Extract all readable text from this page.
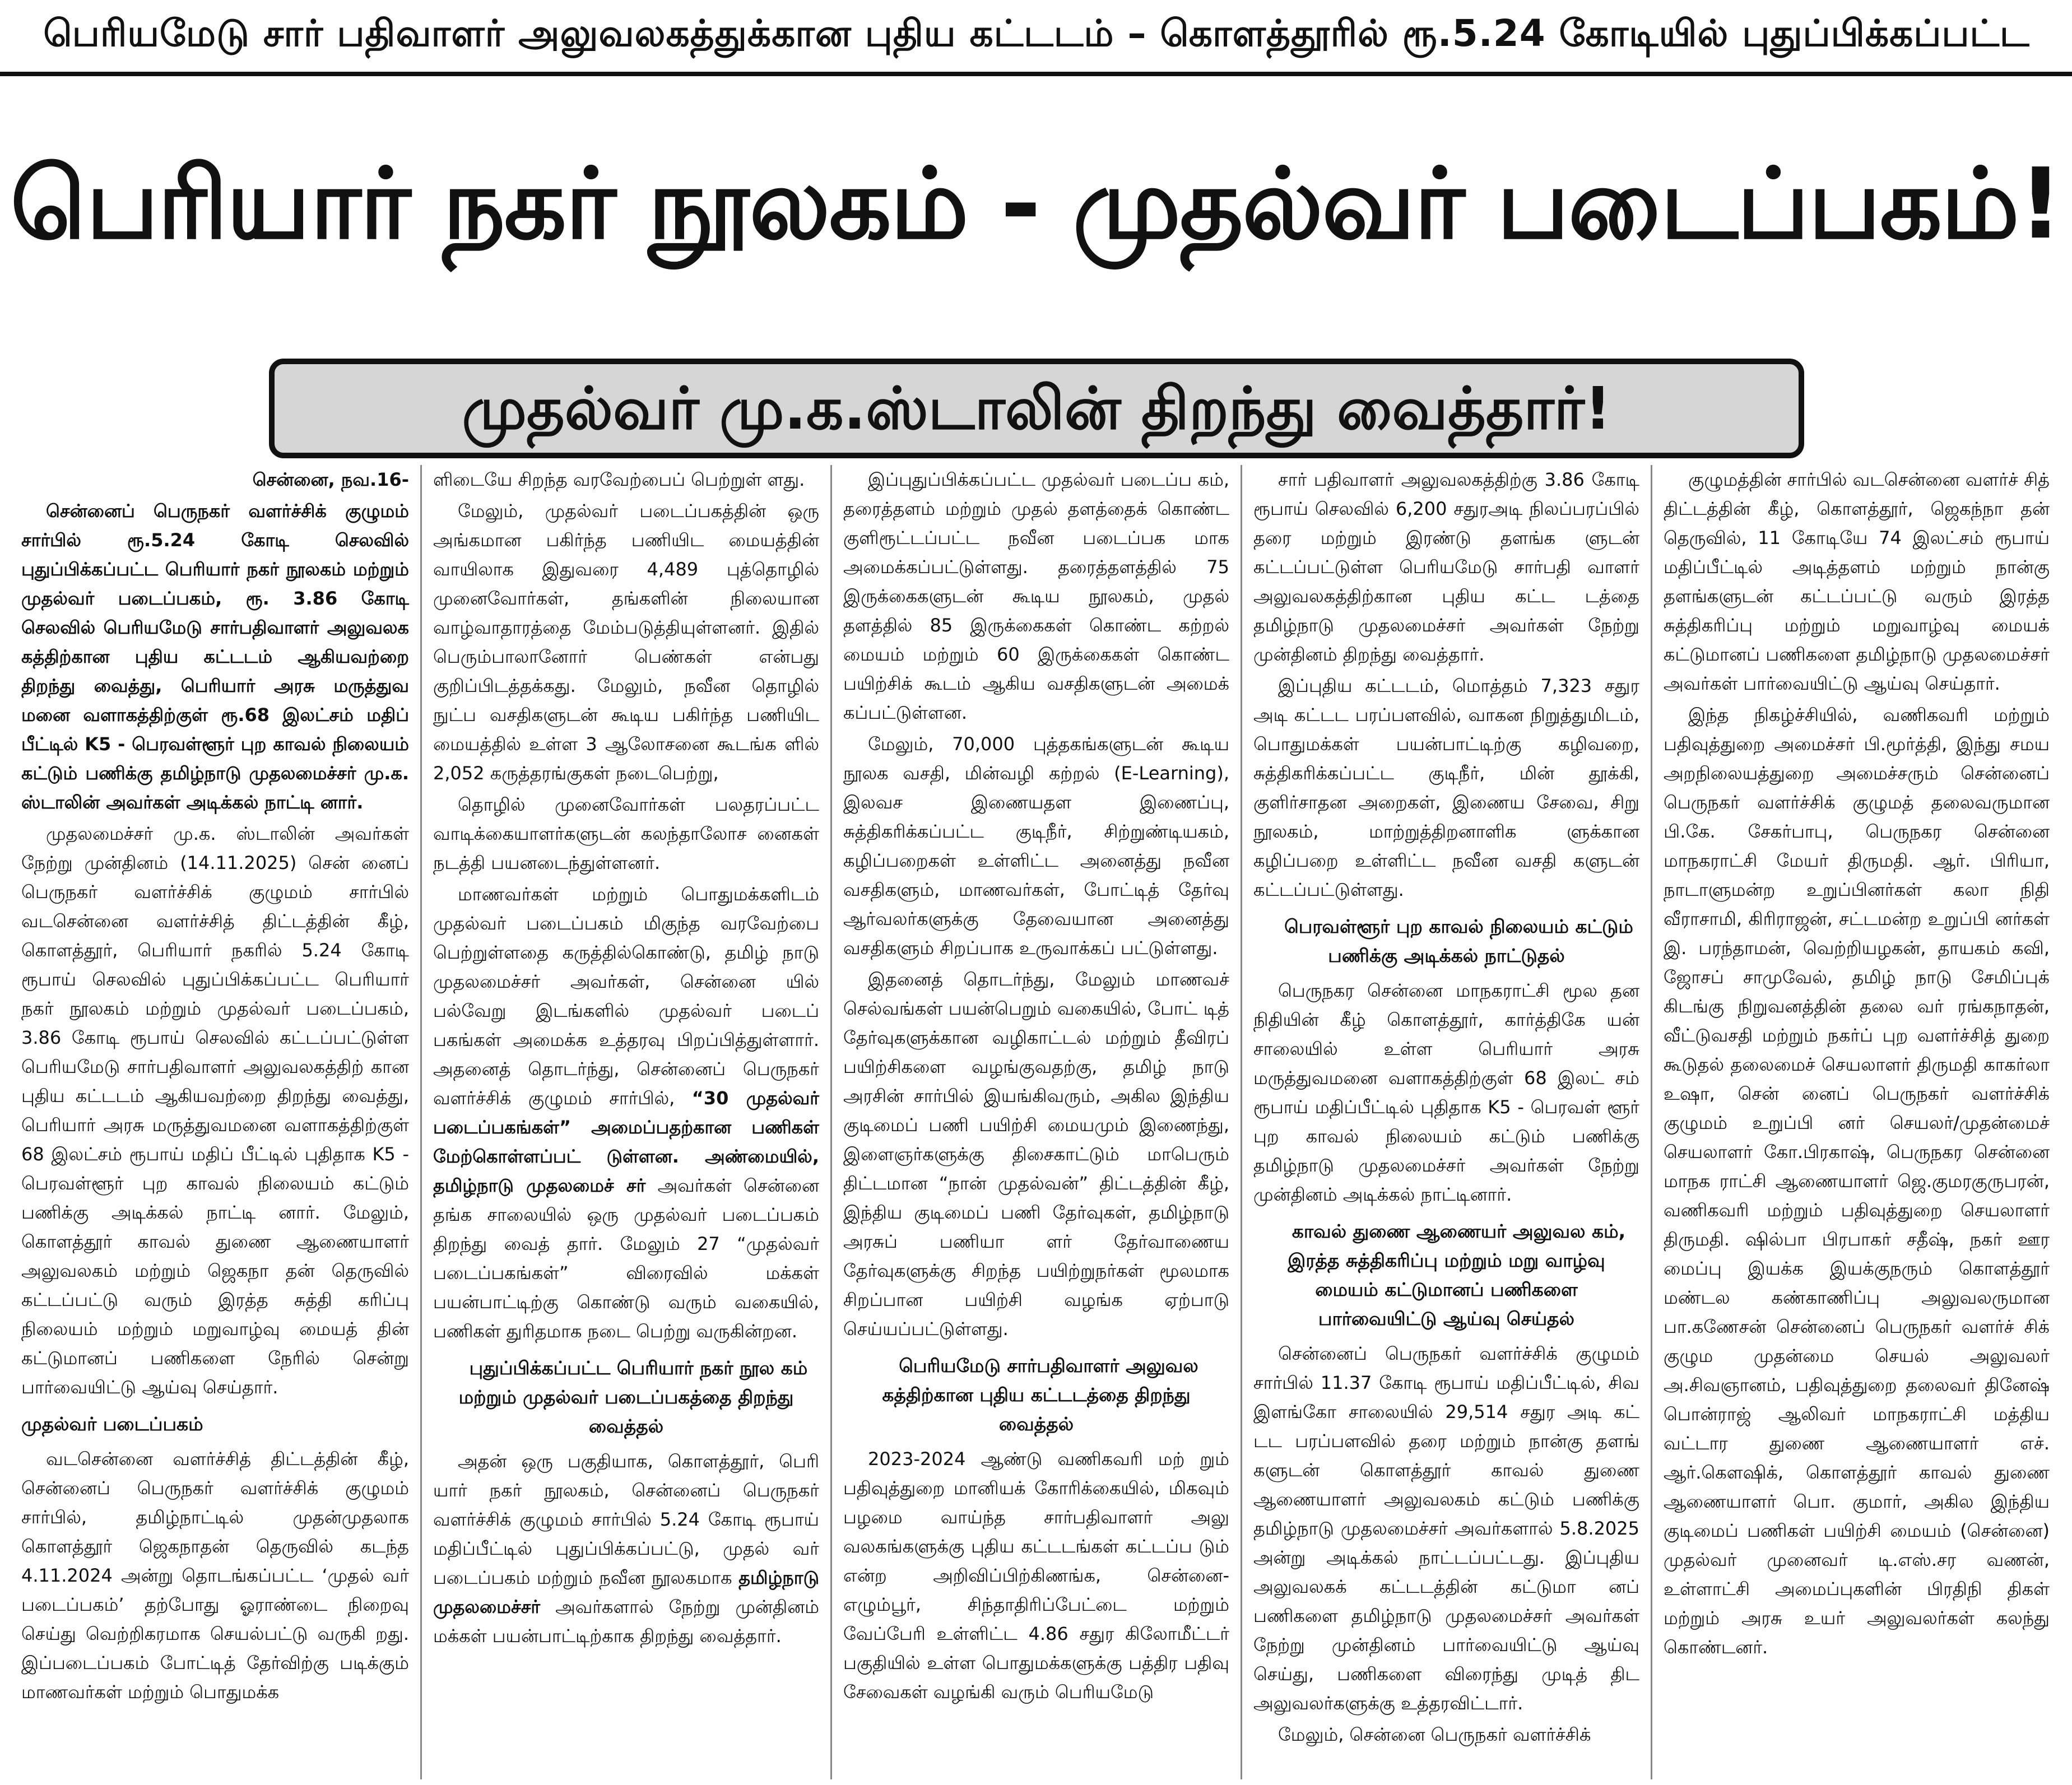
பெரியமேடு சார் பதிவாளர் அலுவலகத்துக்கான புதிய கட்டடம் – கொளத்தூரில் ரூ.5.24 கோடியில் புதுப்பிக்கப்பட்ட
பெரியார் நகர் நூலகம் - முதல்வர் படைப்பகம்!
முதல்வர் மு.க.ஸ்டாலின் திறந்து வைத்தார்!

சென்னை, நவ.16-

சென்னைப் பெருநகர் வளர்ச்சிக் குழுமம் சார்பில் ரூ.5.24 கோடி செலவில் புதுப்பிக்கப்பட்ட பெரியார் நகர் நூலகம் மற்றும் முதல்வர் படைப்பகம், ரூ. 3.86 கோடி செலவில் பெரியமேடு சார்பதிவாளர் அலுவலக கத்திற்கான புதிய கட்டடம் ஆகியவற்றை திறந்து வைத்து, பெரியார் அரசு மருத்துவ மனை வளாகத்திற்குள் ரூ.68 இலட்சம் மதிப் பீட்டில் K5 - பெரவள்ளூர் புற காவல் நிலையம் கட்டும் பணிக்கு தமிழ்நாடு முதலமைச்சர் மு.க. ஸ்டாலின் அவர்கள் அடிக்கல் நாட்டி னார்.

முதலமைச்சர் மு.க. ஸ்டாலின் அவர்கள் நேற்று முன்தினம் (14.11.2025) சென் னைப் பெருநகர் வளர்ச்சிக் குழுமம் சார்பில் வடசென்னை வளர்ச்சித் திட்டத்தின் கீழ், கொளத்தூர், பெரியார் நகரில் 5.24 கோடி ரூபாய் செலவில் புதுப்பிக்கப்பட்ட பெரியார் நகர் நூலகம் மற்றும் முதல்வர் படைப்பகம், 3.86 கோடி ரூபாய் செலவில் கட்டப்பட்டுள்ள பெரியமேடு சார்பதிவாளர் அலுவலகத்திற் கான புதிய கட்டடம் ஆகியவற்றை திறந்து வைத்து, பெரியார் அரசு மருத்துவமனை வளாகத்திற்குள் 68 இலட்சம் ரூபாய் மதிப் பீட்டில் புதிதாக K5 - பெரவள்ளூர் புற காவல் நிலையம் கட்டும் பணிக்கு அடிக்கல் நாட்டி னார். மேலும், கொளத்தூர் காவல் துணை ஆணையாளர் அலுவலகம் மற்றும் ஜெகநா தன் தெருவில் கட்டப்பட்டு வரும் இரத்த சுத்தி கரிப்பு நிலையம் மற்றும் மறுவாழ்வு மையத் தின் கட்டுமானப் பணிகளை நேரில் சென்று பார்வையிட்டு ஆய்வு செய்தார்.

முதல்வர் படைப்பகம்

வடசென்னை வளர்ச்சித் திட்டத்தின் கீழ், சென்னைப் பெருநகர் வளர்ச்சிக் குழுமம் சார்பில், தமிழ்நாட்டில் முதன்முதலாக கொளத்தூர் ஜெகநாதன் தெருவில் கடந்த 4.11.2024 அன்று தொடங்கப்பட்ட ‘முதல் வர் படைப்பகம்’ தற்போது ஓராண்டை நிறைவு செய்து வெற்றிகரமாக செயல்பட்டு வருகி றது. இப்படைப்பகம் போட்டித் தேர்விற்கு படிக்கும் மாணவர்கள் மற்றும் பொதுமக்க

ளிடையே சிறந்த வரவேற்பைப் பெற்றுள் ளது.

மேலும், முதல்வர் படைப்பகத்தின் ஒரு அங்கமான பகிர்ந்த பணியிட மையத்தின் வாயிலாக இதுவரை 4,489 புத்தொழில் முனைவோர்கள், தங்களின் நிலையான வாழ்வாதாரத்தை மேம்படுத்தியுள்ளனர். இதில் பெரும்பாலானோர் பெண்கள் என்பது குறிப்பிடத்தக்கது. மேலும், நவீன தொழில் நுட்ப வசதிகளுடன் கூடிய பகிர்ந்த பணியிட மையத்தில் உள்ள 3 ஆலோசனை கூடங்க ளில் 2,052 கருத்தரங்குகள் நடைபெற்று,

தொழில் முனைவோர்கள் பலதரப்பட்ட வாடிக்கையாளர்களுடன் கலந்தாலோச னைகள் நடத்தி பயனடைந்துள்ளனர்.

மாணவர்கள் மற்றும் பொதுமக்களிடம் முதல்வர் படைப்பகம் மிகுந்த வரவேற்பை பெற்றுள்ளதை கருத்தில்கொண்டு, தமிழ் நாடு முதலமைச்சர் அவர்கள், சென்னை யில் பல்வேறு இடங்களில் முதல்வர் படைப் பகங்கள் அமைக்க உத்தரவு பிறப்பித்துள்ளார். அதனைத் தொடர்ந்து, சென்னைப் பெருநகர் வளர்ச்சிக் குழுமம் சார்பில், “30 முதல்வர் படைப்பகங்கள்” அமைப்பதற்கான பணிகள் மேற்கொள்ளப்பட் டுள்ளன. அண்மையில், தமிழ்நாடு முதலமைச் சர் அவர்கள் சென்னை தங்க சாலையில் ஒரு முதல்வர் படைப்பகம் திறந்து வைத் தார். மேலும் 27 “முதல்வர் படைப்பகங்கள்” விரைவில் மக்கள் பயன்பாட்டிற்கு கொண்டு வரும் வகையில், பணிகள் துரிதமாக நடை பெற்று வருகின்றன.

புதுப்பிக்கப்பட்ட பெரியார் நகர் நூல கம் மற்றும் முதல்வர் படைப்பகத்தை திறந்து வைத்தல்

அதன் ஒரு பகுதியாக, கொளத்தூர், பெரி யார் நகர் நூலகம், சென்னைப் பெருநகர் வளர்ச்சிக் குழுமம் சார்பில் 5.24 கோடி ரூபாய் மதிப்பீட்டில் புதுப்பிக்கப்பட்டு, முதல் வர் படைப்பகம் மற்றும் நவீன நூலகமாக தமிழ்நாடு முதலமைச்சர் அவர்களால் நேற்று முன்தினம் மக்கள் பயன்பாட்டிற்காக திறந்து வைத்தார்.

இப்புதுப்பிக்கப்பட்ட முதல்வர் படைப்ப கம், தரைத்தளம் மற்றும் முதல் தளத்தைக் கொண்ட குளிரூட்டப்பட்ட நவீன படைப்பக மாக அமைக்கப்பட்டுள்ளது. தரைத்தளத்தில் 75 இருக்கைகளுடன் கூடிய நூலகம், முதல் தளத்தில் 85 இருக்கைகள் கொண்ட கற்றல் மையம் மற்றும் 60 இருக்கைகள் கொண்ட பயிற்சிக் கூடம் ஆகிய வசதிகளுடன் அமைக் கப்பட்டுள்ளன.

மேலும், 70,000 புத்தகங்களுடன் கூடிய நூலக வசதி, மின்வழி கற்றல் (E-Learning), இலவச இணையதள இணைப்பு, சுத்திகரிக்கப்பட்ட குடிநீர், சிற்றுண்டியகம், கழிப்பறைகள் உள்ளிட்ட அனைத்து நவீன வசதிகளும், மாணவர்கள், போட்டித் தேர்வு ஆர்வலர்களுக்கு தேவையான அனைத்து வசதிகளும் சிறப்பாக உருவாக்கப் பட்டுள்ளது.

இதனைத் தொடர்ந்து, மேலும் மாணவச் செல்வங்கள் பயன்பெறும் வகையில், போட் டித் தேர்வுகளுக்கான வழிகாட்டல் மற்றும் தீவிரப் பயிற்சிகளை வழங்குவதற்கு, தமிழ் நாடு அரசின் சார்பில் இயங்கிவரும், அகில இந்திய குடிமைப் பணி பயிற்சி மையமும் இணைந்து, இளைஞர்களுக்கு திசைகாட்டும் மாபெரும் திட்டமான “நான் முதல்வன்” திட்டத்தின் கீழ், இந்திய குடிமைப் பணி தேர்வுகள், தமிழ்நாடு அரசுப் பணியா ளர் தேர்வாணைய தேர்வுகளுக்கு சிறந்த பயிற்றுநர்கள் மூலமாக சிறப்பான பயிற்சி வழங்க ஏற்பாடு செய்யப்பட்டுள்ளது.

பெரியமேடு சார்பதிவாளர் அலுவல கத்திற்கான புதிய கட்டடத்தை திறந்து வைத்தல்

2023-2024 ஆண்டு வணிகவரி மற் றும் பதிவுத்துறை மானியக் கோரிக்கையில், மிகவும் பழமை வாய்ந்த சார்பதிவாளர் அலு வலகங்களுக்கு புதிய கட்டடங்கள் கட்டப்ப டும் என்ற அறிவிப்பிற்கிணங்க, சென்னை- எழும்பூர், சிந்தாதிரிப்பேட்டை மற்றும் வேப்பேரி உள்ளிட்ட 4.86 சதுர கிலோமீட்டர் பகுதியில் உள்ள பொதுமக்களுக்கு பத்திர பதிவு சேவைகள் வழங்கி வரும் பெரியமேடு

சார் பதிவாளர் அலுவலகத்திற்கு 3.86 கோடி ரூபாய் செலவில் 6,200 சதுரஅடி நிலப்பரப்பில் தரை மற்றும் இரண்டு தளங்க ளுடன் கட்டப்பட்டுள்ள பெரியமேடு சார்பதி வாளர் அலுவலகத்திற்கான புதிய கட்ட டத்தை தமிழ்நாடு முதலமைச்சர் அவர்கள் நேற்று முன்தினம் திறந்து வைத்தார்.

இப்புதிய கட்டடம், மொத்தம் 7,323 சதுர அடி கட்டட பரப்பளவில், வாகன நிறுத்துமிடம், பொதுமக்கள் பயன்பாட்டிற்கு கழிவறை, சுத்திகரிக்கப்பட்ட குடிநீர், மின் தூக்கி, குளிர்சாதன அறைகள், இணைய சேவை, சிறு நூலகம், மாற்றுத்திறனாளிக ளுக்கான கழிப்பறை உள்ளிட்ட நவீன வசதி களுடன் கட்டப்பட்டுள்ளது.

பெரவள்ளூர் புற காவல் நிலையம் கட்டும் பணிக்கு அடிக்கல் நாட்டுதல்

பெருநகர சென்னை மாநகராட்சி மூல தன நிதியின் கீழ் கொளத்தூர், கார்த்திகே யன் சாலையில் உள்ள பெரியார் அரசு மருத்துவமனை வளாகத்திற்குள் 68 இலட் சம் ரூபாய் மதிப்பீட்டில் புதிதாக K5 - பெரவள் ளூர் புற காவல் நிலையம் கட்டும் பணிக்கு தமிழ்நாடு முதலமைச்சர் அவர்கள் நேற்று முன்தினம் அடிக்கல் நாட்டினார்.

காவல் துணை ஆணையர் அலுவல கம், இரத்த சுத்திகரிப்பு மற்றும் மறு வாழ்வு மையம் கட்டுமானப் பணிகளை பார்வையிட்டு ஆய்வு செய்தல்

சென்னைப் பெருநகர் வளர்ச்சிக் குழுமம் சார்பில் 11.37 கோடி ரூபாய் மதிப்பீட்டில், சிவ இளங்கோ சாலையில் 29,514 சதுர அடி கட் டட பரப்பளவில் தரை மற்றும் நான்கு தளங் களுடன் கொளத்தூர் காவல் துணை ஆணையாளர் அலுவலகம் கட்டும் பணிக்கு தமிழ்நாடு முதலமைச்சர் அவர்களால் 5.8.2025 அன்று அடிக்கல் நாட்டப்பட்டது. இப்புதிய அலுவலகக் கட்டடத்தின் கட்டுமா னப் பணிகளை தமிழ்நாடு முதலமைச்சர் அவர்கள் நேற்று முன்தினம் பார்வையிட்டு ஆய்வு செய்து, பணிகளை விரைந்து முடித் திட அலுவலர்களுக்கு உத்தரவிட்டார்.

மேலும், சென்னை பெருநகர் வளர்ச்சிக்

குழுமத்தின் சார்பில் வடசென்னை வளர்ச் சித் திட்டத்தின் கீழ், கொளத்தூர், ஜெகந்நா தன் தெருவில், 11 கோடியே 74 இலட்சம் ரூபாய் மதிப்பீட்டில் அடித்தளம் மற்றும் நான்கு தளங்களுடன் கட்டப்பட்டு வரும் இரத்த சுத்திகரிப்பு மற்றும் மறுவாழ்வு மையக் கட்டுமானப் பணிகளை தமிழ்நாடு முதலமைச்சர் அவர்கள் பார்வையிட்டு ஆய்வு செய்தார்.

இந்த நிகழ்ச்சியில், வணிகவரி மற்றும் பதிவுத்துறை அமைச்சர் பி.மூர்த்தி, இந்து சமய அறநிலையத்துறை அமைச்சரும் சென்னைப் பெருநகர் வளர்ச்சிக் குழுமத் தலைவருமான பி.கே. சேகர்பாபு, பெருநகர சென்னை மாநகராட்சி மேயர் திருமதி. ஆர். பிரியா, நாடாளுமன்ற உறுப்பினர்கள் கலா நிதி வீராசாமி, கிரிராஜன், சட்டமன்ற உறுப்பி னர்கள் இ. பரந்தாமன், வெற்றியழகன், தாயகம் கவி, ஜோசப் சாமுவேல், தமிழ் நாடு சேமிப்புக் கிடங்கு நிறுவனத்தின் தலை வர் ரங்கநாதன், வீட்டுவசதி மற்றும் நகர்ப் புற வளர்ச்சித் துறை கூடுதல் தலைமைச் செயலாளர் திருமதி காகர்லா உஷா, சென் னைப் பெருநகர் வளர்ச்சிக் குழுமம் உறுப்பி னர் செயலர்/முதன்மைச் செயலாளர் கோ.பிரகாஷ், பெருநகர சென்னை மாநக ராட்சி ஆணையாளர் ஜெ.குமரகுருபரன், வணிகவரி மற்றும் பதிவுத்துறை செயலாளர் திருமதி. ஷில்பா பிரபாகர் சதீஷ், நகர் ஊர மைப்பு இயக்க இயக்குநரும் கொளத்தூர் மண்டல கண்காணிப்பு அலுவலருமான பா.கணேசன் சென்னைப் பெருநகர் வளர்ச் சிக் குழும முதன்மை செயல் அலுவலர் அ.சிவஞானம், பதிவுத்துறை தலைவர் தினேஷ் பொன்ராஜ் ஆலிவர் மாநகராட்சி மத்திய வட்டார துணை ஆணையாளர் எச். ஆர்.கௌஷிக், கொளத்தூர் காவல் துணை ஆணையாளர் பொ. குமார், அகில இந்திய குடிமைப் பணிகள் பயிற்சி மையம் (சென்னை) முதல்வர் முனைவர் டி.எஸ்.சர வணன், உள்ளாட்சி அமைப்புகளின் பிரதிநி திகள் மற்றும் அரசு உயர் அலுவலர்கள் கலந்து கொண்டனர்.
